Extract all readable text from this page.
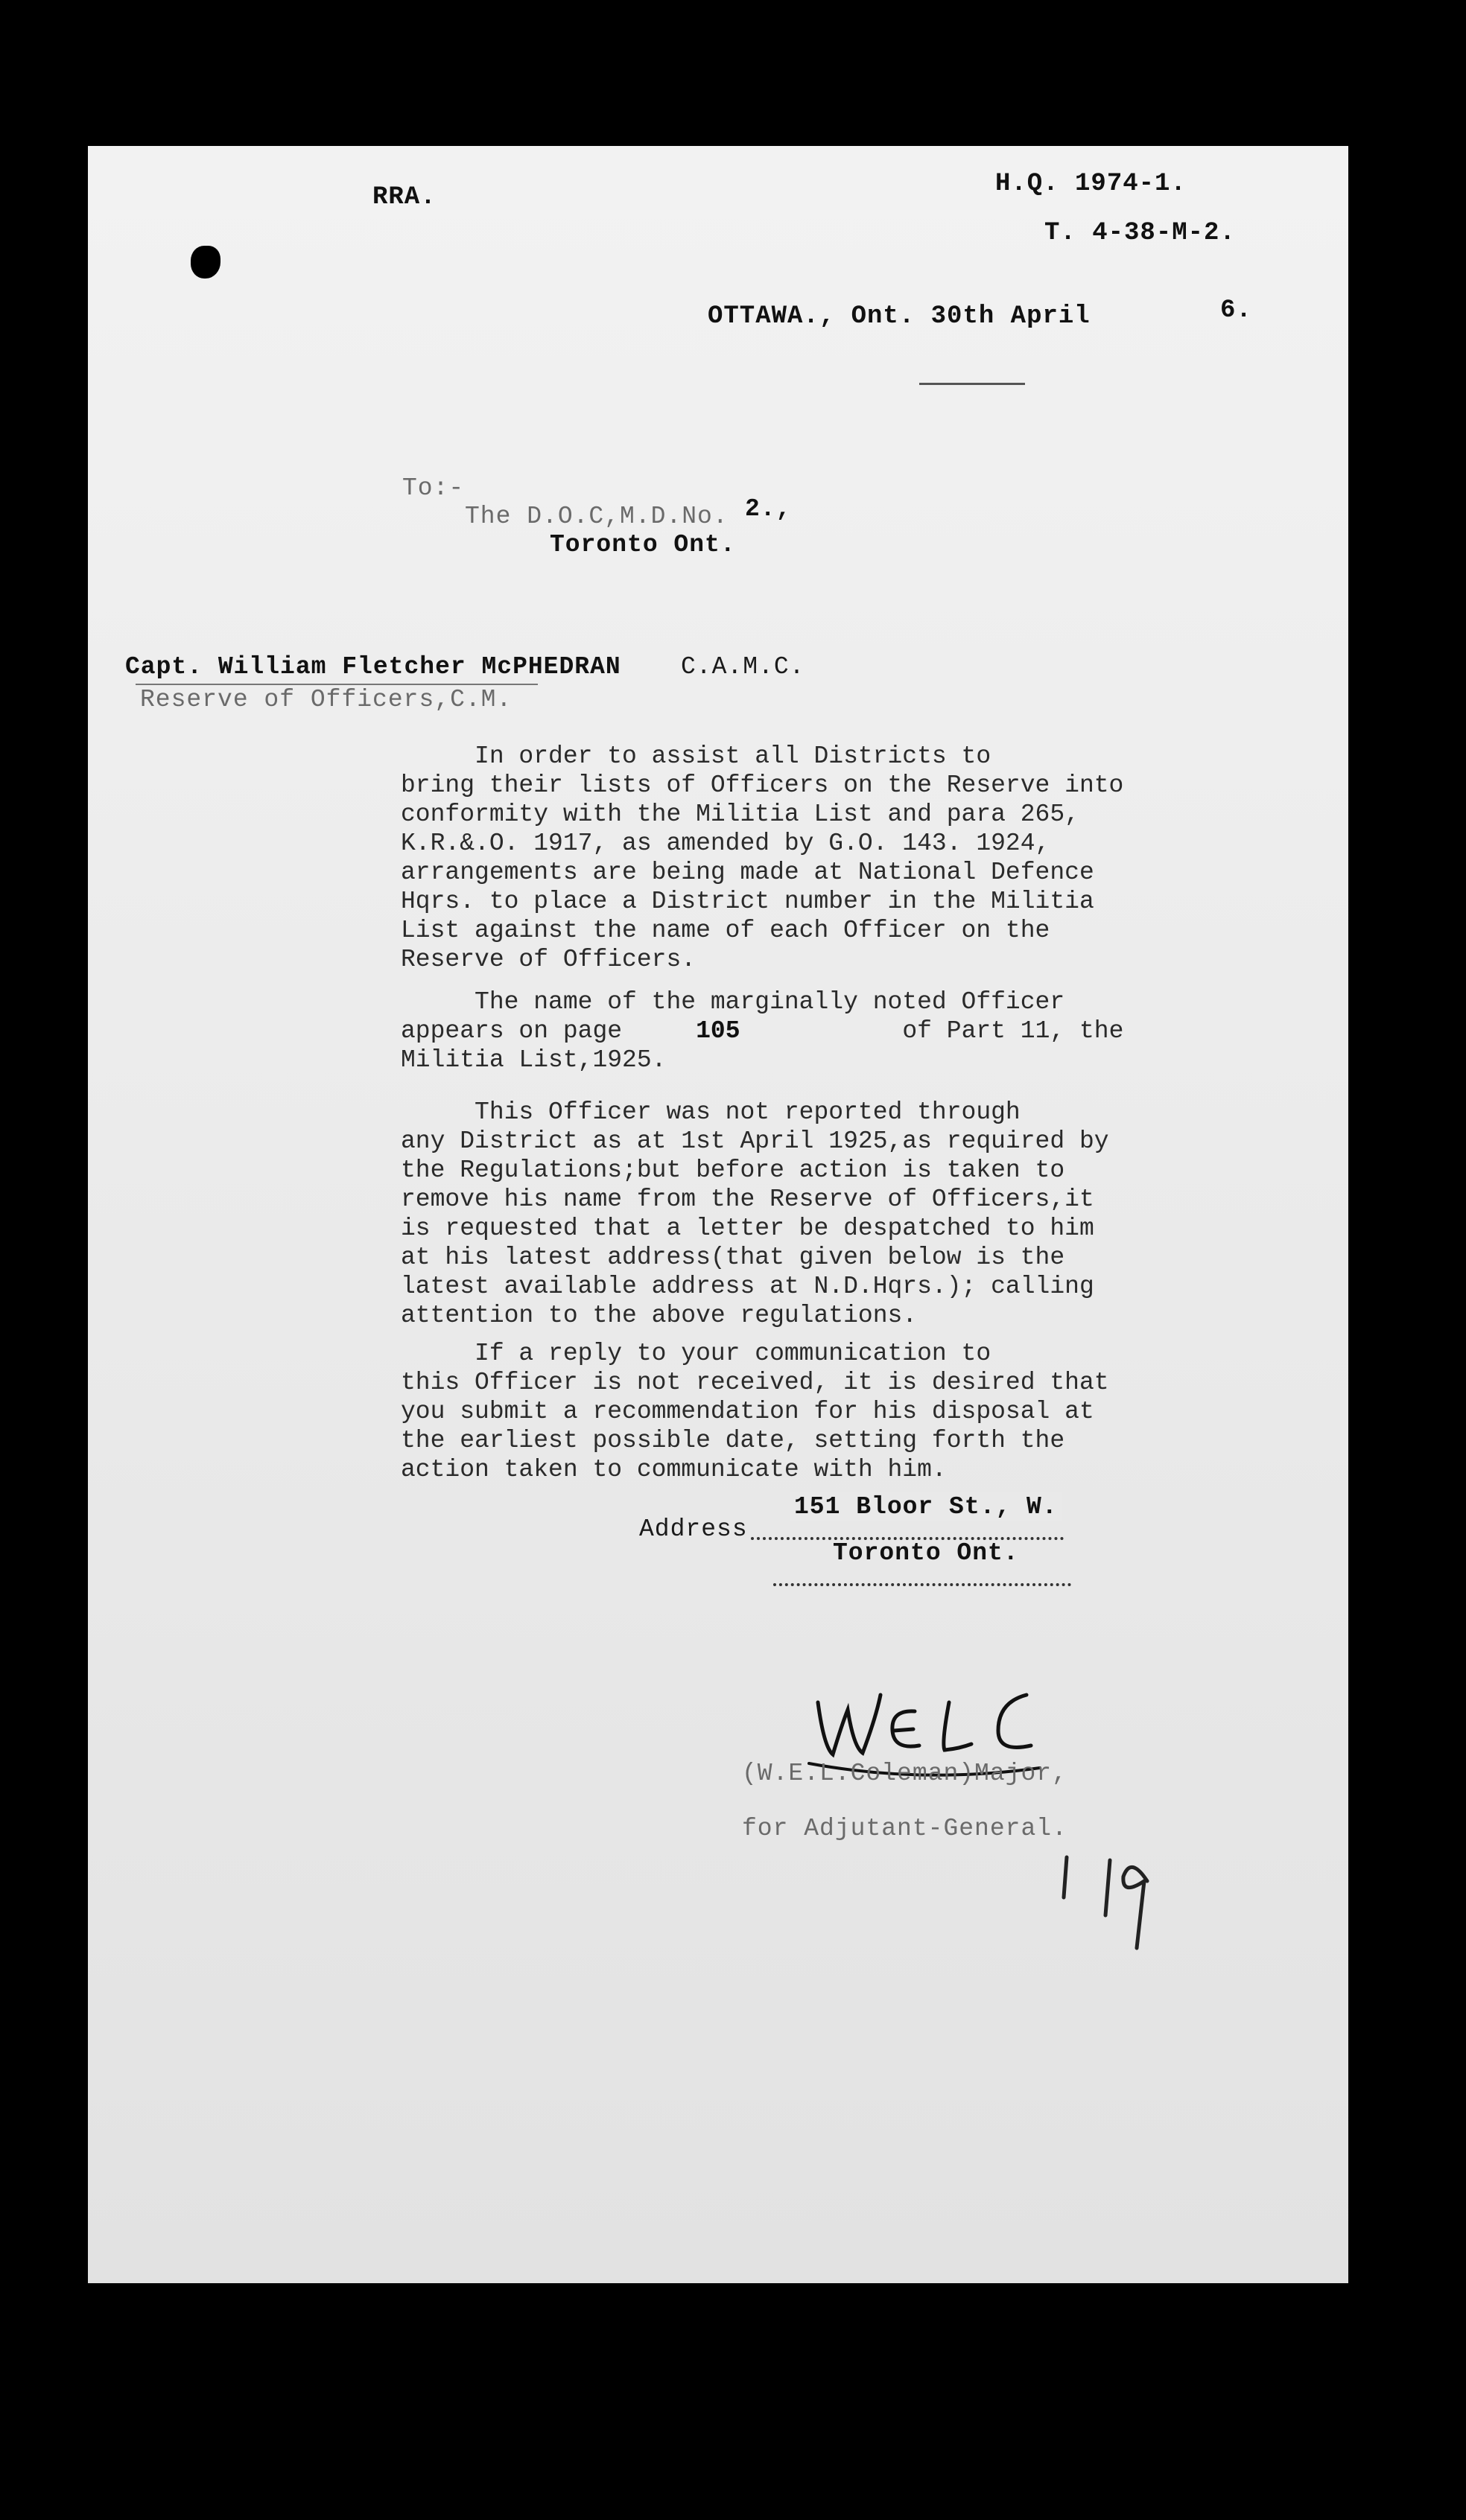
RRA.	H.Q. 1974-1.
T. 4-38-M-2.
OTTAWA., Ont. 30th April	6.
To:-
The D.O.C,M.D.No. 2.,
Toronto Ont.
Capt. William Fletcher McPHEDRAN C.A.M.C.
Reserve of Officers,C.M.
In order to assist all Districts to
bring their lists of Officers on the Reserve into
conformity with the Militia List and para 265,
K.R.&.O. 1917, as amended by G.O. 143. 1924,
arrangements are being made at National Defence
Hqrs. to place a District number in the Militia
List against the name of each Officer on the
Reserve of Officers.
The name of the marginally noted Officer
appears on page	105	of Part 11, the
Militia List,1925.
This Officer was not reported through
any District as at 1st April 1925,as required by
the Regulations;but before action is taken to
remove his name from the Reserve of Officers,it
is requested that a letter be despatched to him
at his latest address(that given below is the
latest available address at N.D.Hqrs.); calling
attention to the above regulations.
If a reply to your communication to
this Officer is not received, it is desired that
you submit a recommendation for his disposal at
the earliest possible date, setting forth the
action taken to communicate with him.
Address
151 Bloor St., W.
Toronto Ont.
(W.E.L.Coleman)Major,
for Adjutant-General.
